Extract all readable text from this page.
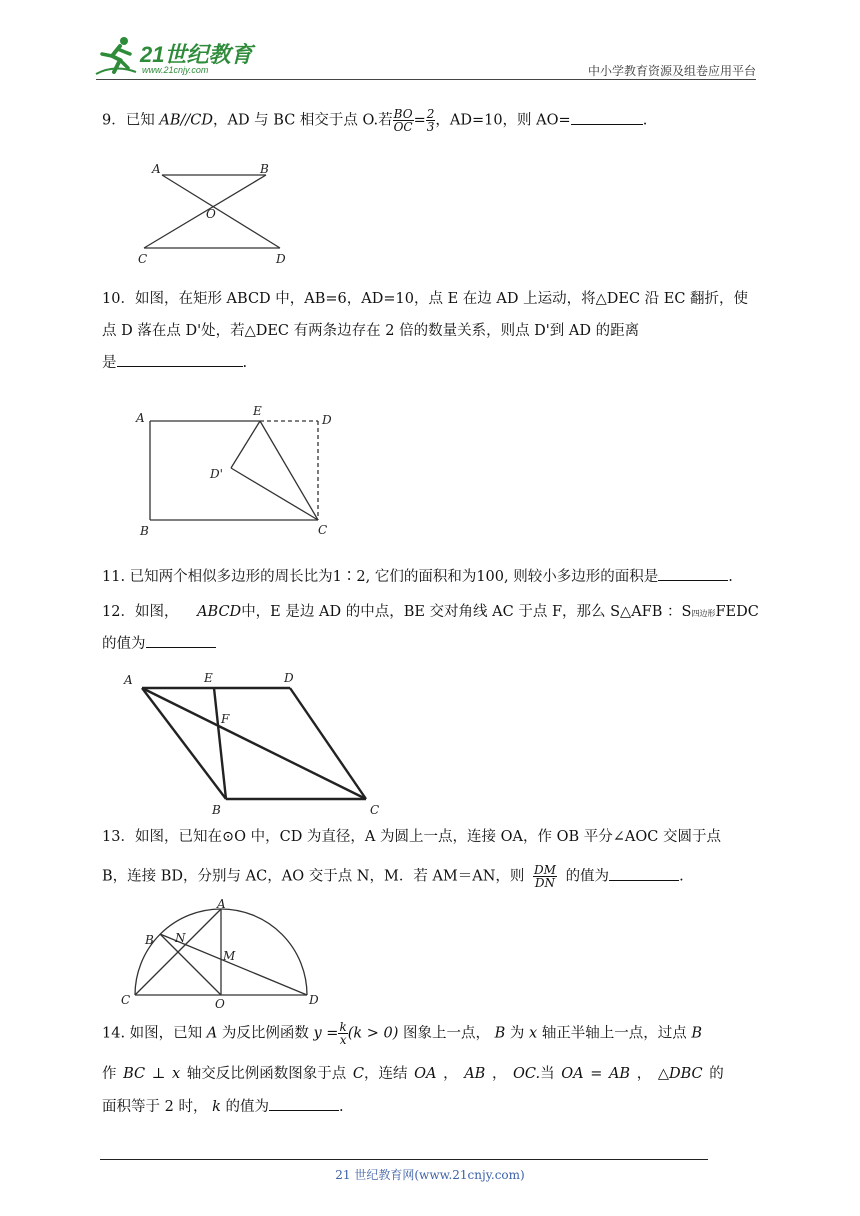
21世纪教育
www.21cnjy.com	中小学教育资源及组卷应用平台
9．已知 AB//CD，AD 与 BC 相交于点 O.若 $\frac{BO}{OC} = \frac{2}{3}$ ，AD=10，则 AO=	.
A	B
O
C	D
10．如图，在矩形 ABCD 中，AB=6，AD=10，点 E 在边 AD 上运动，将△DEC 沿 EC 翻折，使
点 D 落在点 D'处，若△DEC 有两条边存在 2 倍的数量关系，则点 D'到 AD 的距离
是	.
A	E
D
D'
B	C
11. 已知两个相似多边形的周长比为1∶2, 它们的面积和为100, 则较小多边形的面积是	.
12．如图， ABCD中，E 是边 AD 的中点，BE 交对角线 AC 于点 F，那么 S△AFB ：S四边形FEDC
的值为
A	E	D
F
B	C
13．如图，已知在⊙O 中，CD 为直径，A 为圆上一点，连接 OA，作 OB 平分∠AOC 交圆于点
B，连接 BD，分别与 AC，AO 交于点 N，M．若 AM＝AN，则 $\frac{DM}{DN}$ 的值为	.
A
B N
M
C	O	D
14. 如图，已知 A 为反比例函数 $y = \frac{k}{x} (k > 0)$ 图象上一点， B 为 x 轴正半轴上一点，过点 B
作 BC ⊥ x 轴交反比例函数图象于点 C，连结 OA ， AB ， OC.当 OA = AB ， △DBC 的
面积等于 2 时， k 的值为	.
21 世纪教育网(www.21cnjy.com)
